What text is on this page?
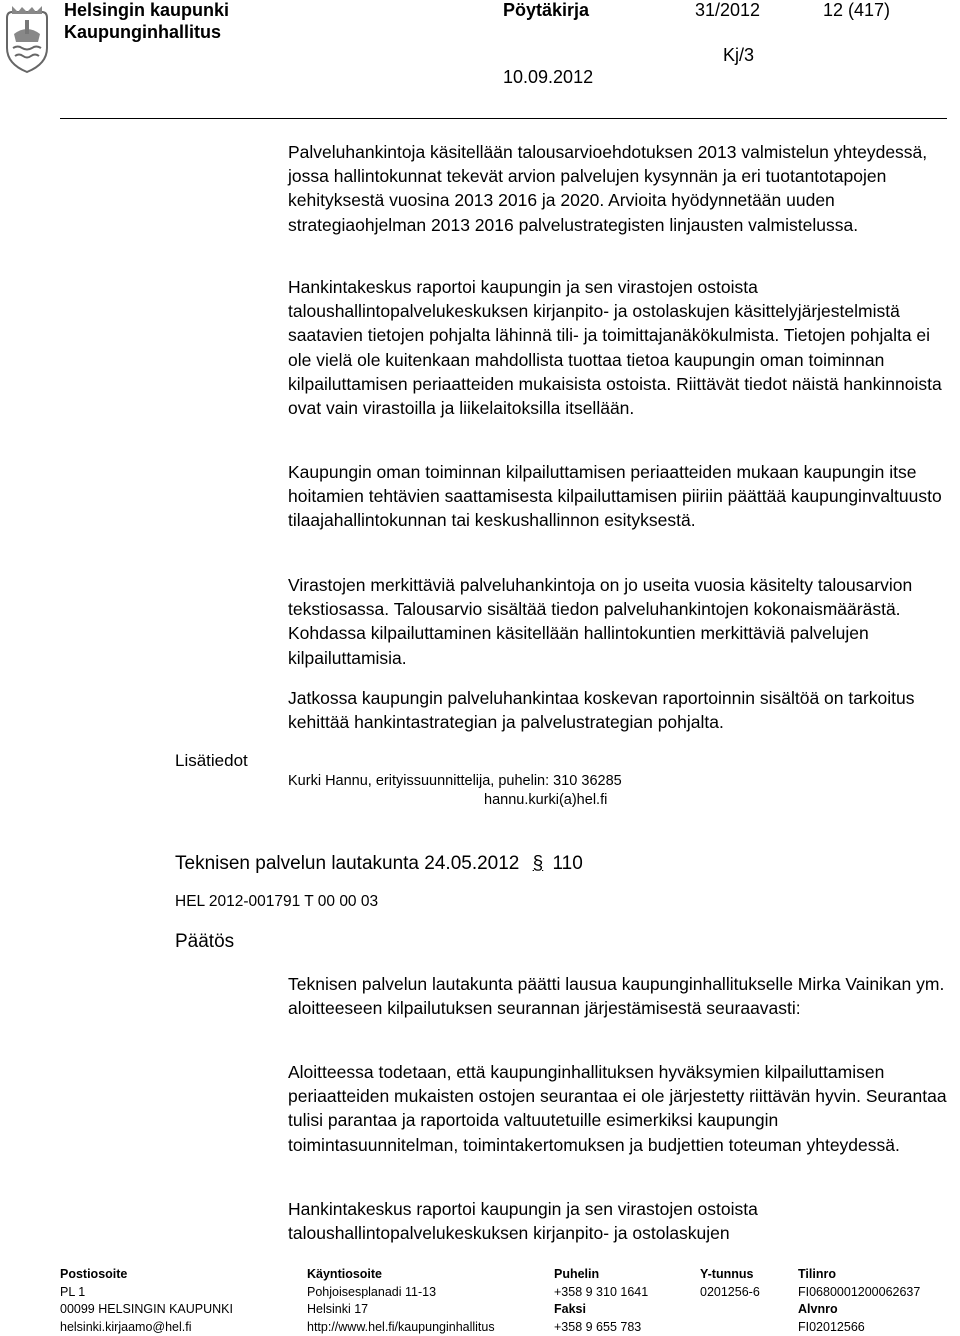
Helsingin kaupunki
Kaupunginhallitus
Pöytäkirja	31/2012	12 (417)
Kj/3
10.09.2012

Palveluhankintoja käsitellään talousarvioehdotuksen 2013 valmistelun yhteydessä, jossa hallintokunnat tekevät arvion palvelujen kysynnän ja eri tuotantotapojen kehityksestä vuosina 2013 2016 ja 2020. Arvioita hyödynnetään uuden strategiaohjelman 2013 2016 palvelustrategisten linjausten valmistelussa.

Hankintakeskus raportoi kaupungin ja sen virastojen ostoista taloushallintopalvelukeskuksen kirjanpito- ja ostolaskujen käsittelyjärjestelmistä saatavien tietojen pohjalta lähinnä tili- ja toimittajanäkökulmista. Tietojen pohjalta ei ole vielä ole kuitenkaan mahdollista tuottaa tietoa kaupungin oman toiminnan kilpailuttamisen periaatteiden mukaisista ostoista. Riittävät tiedot näistä hankinnoista ovat vain virastoilla ja liikelaitoksilla itsellään.

Kaupungin oman toiminnan kilpailuttamisen periaatteiden mukaan kaupungin itse hoitamien tehtävien saattamisesta kilpailuttamisen piiriin päättää kaupunginvaltuusto tilaajahallintokunnan tai keskushallinnon esityksestä.

Virastojen merkittäviä palveluhankintoja on jo useita vuosia käsitelty talousarvion tekstiosassa. Talousarvio sisältää tiedon palveluhankintojen kokonaismäärästä. Kohdassa kilpailuttaminen käsitellään hallintokuntien merkittäviä palvelujen kilpailuttamisia.

Jatkossa kaupungin palveluhankintaa koskevan raportoinnin sisältöä on tarkoitus kehittää hankintastrategian ja palvelustrategian pohjalta.

Lisätiedot
Kurki Hannu, erityissuunnittelija, puhelin: 310 36285
hannu.kurki(a)hel.fi
Teknisen palvelun lautakunta 24.05.2012 § 110
HEL 2012-001791 T 00 00 03
Päätös

Teknisen palvelun lautakunta päätti lausua kaupunginhallitukselle Mirka Vainikan ym. aloitteeseen kilpailutuksen seurannan järjestämisestä seuraavasti:

Aloitteessa todetaan, että kaupunginhallituksen hyväksymien kilpailuttamisen periaatteiden mukaisten ostojen seurantaa ei ole järjestetty riittävän hyvin. Seurantaa tulisi parantaa ja raportoida valtuutetuille esimerkiksi kaupungin toimintasuunnitelman, toimintakertomuksen ja budjettien toteuman yhteydessä.

Hankintakeskus raportoi kaupungin ja sen virastojen ostoista taloushallintopalvelukeskuksen kirjanpito- ja ostolaskujen

Postiosoite
PL 1
00099 HELSINGIN KAUPUNKI
helsinki.kirjaamo@hel.fi
Käyntiosoite
Pohjoisesplanadi 11-13
Helsinki 17
http://www.hel.fi/kaupunginhallitus
Puhelin
+358 9 310 1641
Faksi
+358 9 655 783
Y-tunnus
0201256-6
Tilinro
FI0680001200062637
Alvnro
FI02012566
